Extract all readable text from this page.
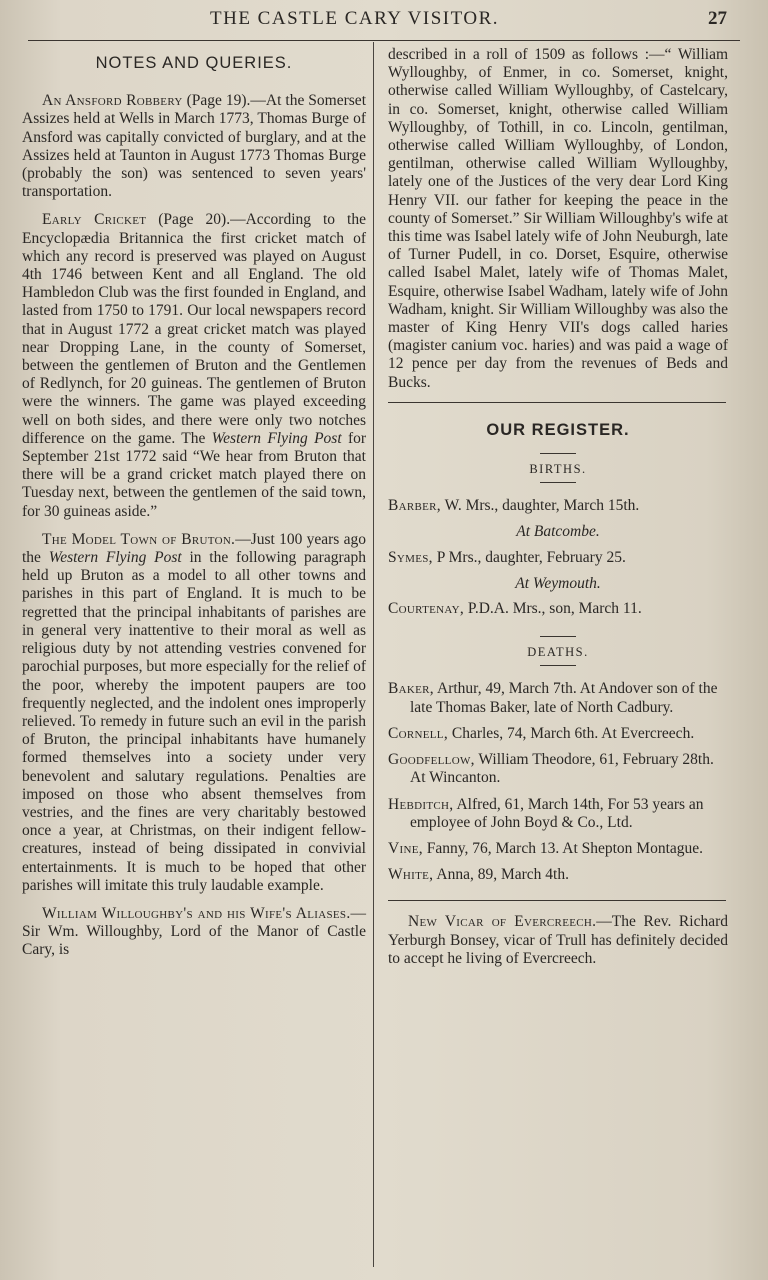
THE CASTLE CARY VISITOR.	27
NOTES AND QUERIES.

An Ansford Robbery (Page 19).—At the Somerset Assizes held at Wells in March 1773, Thomas Burge of Ansford was capitally convicted of burglary, and at the Assizes held at Taunton in August 1773 Thomas Burge (probably the son) was sentenced to seven years' transportation.

Early Cricket (Page 20).—According to the Encyclopædia Britannica the first cricket match of which any record is preserved was played on August 4th 1746 between Kent and all England. The old Hambledon Club was the first founded in England, and lasted from 1750 to 1791. Our local newspapers record that in August 1772 a great cricket match was played near Dropping Lane, in the county of Somerset, between the gentlemen of Bruton and the Gentlemen of Redlynch, for 20 guineas. The gentlemen of Bruton were the winners. The game was played exceeding well on both sides, and there were only two notches difference on the game. The Western Flying Post for September 21st 1772 said “We hear from Bruton that there will be a grand cricket match played there on Tuesday next, between the gentlemen of the said town, for 30 guineas aside.”

The Model Town of Bruton.—Just 100 years ago the Western Flying Post in the following paragraph held up Bruton as a model to all other towns and parishes in this part of England. It is much to be regretted that the principal inhabitants of parishes are in general very inattentive to their moral as well as religious duty by not attending vestries convened for parochial purposes, but more especially for the relief of the poor, whereby the impotent paupers are too frequently neglected, and the indolent ones improperly relieved. To remedy in future such an evil in the parish of Bruton, the principal inhabitants have humanely formed themselves into a society under very benevolent and salutary regulations. Penalties are imposed on those who absent themselves from vestries, and the fines are very charitably bestowed once a year, at Christmas, on their indigent fellow-creatures, instead of being dissipated in convivial entertainments. It is much to be hoped that other parishes will imitate this truly laudable example.

William Willoughby's and his Wife's Aliases.—Sir Wm. Willoughby, Lord of the Manor of Castle Cary, is

described in a roll of 1509 as follows :—“ William Wylloughby, of Enmer, in co. Somerset, knight, otherwise called William Wylloughby, of Castelcary, in co. Somerset, knight, otherwise called William Wylloughby, of Tothill, in co. Lincoln, gentilman, otherwise called William Wylloughby, of London, gentilman, otherwise called William Wylloughby, lately one of the Justices of the very dear Lord King Henry VII. our father for keeping the peace in the county of Somerset.” Sir William Willoughby's wife at this time was Isabel lately wife of John Neuburgh, late of Turner Pudell, in co. Dorset, Esquire, otherwise called Isabel Malet, lately wife of Thomas Malet, Esquire, otherwise Isabel Wadham, lately wife of John Wadham, knight. Sir William Willoughby was also the master of King Henry VII's dogs called haries (magister canium voc. haries) and was paid a wage of 12 pence per day from the revenues of Beds and Bucks.

OUR REGISTER.
BIRTHS.
Barber, W. Mrs., daughter, March 15th.
At Batcombe.
Symes, P Mrs., daughter, February 25.
At Weymouth.
Courtenay, P.D.A. Mrs., son, March 11.
DEATHS.
Baker, Arthur, 49, March 7th. At Andover son of the late Thomas Baker, late of North Cadbury.
Cornell, Charles, 74, March 6th. At Evercreech.
Goodfellow, William Theodore, 61, February 28th. At Wincanton.
Hebditch, Alfred, 61, March 14th, For 53 years an employee of John Boyd & Co., Ltd.
Vine, Fanny, 76, March 13. At Shepton Montague.
White, Anna, 89, March 4th.

New Vicar of Evercreech.—The Rev. Richard Yerburgh Bonsey, vicar of Trull has definitely decided to accept he living of Evercreech.
